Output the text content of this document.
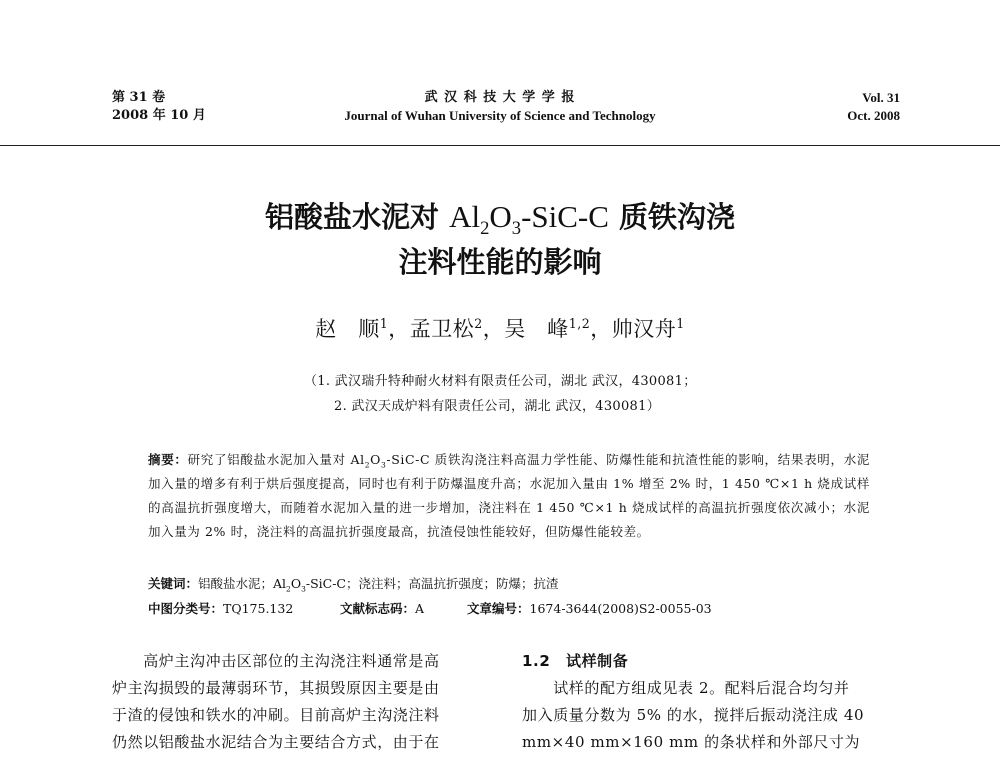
第 31 卷
2008 年 10 月
武 汉 科 技 大 学 学 报
Journal of Wuhan University of Science and Technology
Vol. 31
Oct. 2008
铝酸盐水泥对 $Al_2O_3-SiC-C$ 质铁沟浇
注料性能的影响
赵　顺$^1$，孟卫松$^2$，吴　峰$^{1,2}$，帅汉舟$^1$
（1. 武汉瑞升特种耐火材料有限责任公司，湖北 武汉，430081；
2. 武汉天成炉料有限责任公司，湖北 武汉，430081）
摘要：研究了铝酸盐水泥加入量对 $Al_2O_3-SiC-C$ 质铁沟浇注料高温力学性能、防爆性能和抗渣性能的影响，结果表明，水泥加入量的增多有利于烘后强度提高，同时也有利于防爆温度升高；水泥加入量由 1% 增至 2% 时，1 450 ℃×1 h 烧成试样的高温抗折强度增大，而随着水泥加入量的进一步增加，浇注料在 1 450 ℃×1 h 烧成试样的高温抗折强度依次减小；水泥加入量为 2% 时，浇注料的高温抗折强度最高，抗渣侵蚀性能较好，但防爆性能较差。
关键词：铝酸盐水泥；$Al_2O_3-SiC-C$；浇注料；高温抗折强度；防爆；抗渣
中图分类号：TQ175.132	文献标志码：A	文章编号：1674-3644(2008)S2-0055-03
　　高炉主沟冲击区部位的主沟浇注料通常是高
炉主沟损毁的最薄弱环节，其损毁原因主要是由
于渣的侵蚀和铁水的冲刷。目前高炉主沟浇注料
仍然以铝酸盐水泥结合为主要结合方式，由于在
1.2　试样制备
　　试样的配方组成见表 2。配料后混合均匀并
加入质量分数为 5% 的水，搅拌后振动浇注成 40
mm×40 mm×160 mm 的条状样和外部尺寸为
